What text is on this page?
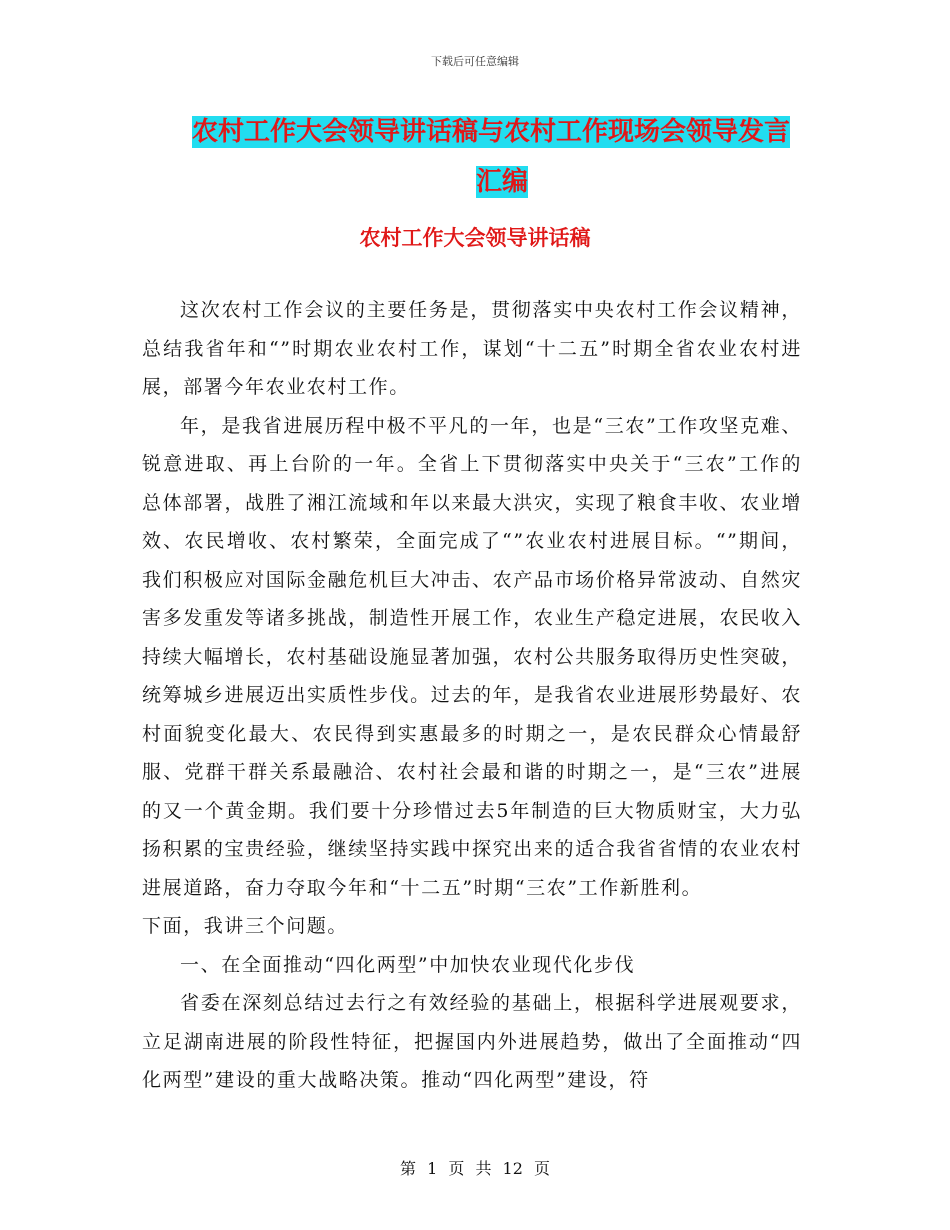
下载后可任意编辑
农村工作大会领导讲话稿与农村工作现场会领导发言
汇编
农村工作大会领导讲话稿

这次农村工作会议的主要任务是，贯彻落实中央农村工作会议精神，总结我省年和“”时期农业农村工作，谋划“十二五”时期全省农业农村进展，部署今年农业农村工作。

年，是我省进展历程中极不平凡的一年，也是“三农”工作攻坚克难、锐意进取、再上台阶的一年。全省上下贯彻落实中央关于“三农”工作的总体部署，战胜了湘江流域和年以来最大洪灾，实现了粮食丰收、农业增效、农民增收、农村繁荣，全面完成了“”农业农村进展目标。“”期间，我们积极应对国际金融危机巨大冲击、农产品市场价格异常波动、自然灾害多发重发等诸多挑战，制造性开展工作，农业生产稳定进展，农民收入持续大幅增长，农村基础设施显著加强，农村公共服务取得历史性突破，统筹城乡进展迈出实质性步伐。过去的年，是我省农业进展形势最好、农村面貌变化最大、农民得到实惠最多的时期之一，是农民群众心情最舒服、党群干群关系最融洽、农村社会最和谐的时期之一，是“三农”进展的又一个黄金期。我们要十分珍惜过去5年制造的巨大物质财宝，大力弘扬积累的宝贵经验，继续坚持实践中探究出来的适合我省省情的农业农村进展道路，奋力夺取今年和“十二五”时期“三农”工作新胜利。

下面，我讲三个问题。

一、在全面推动“四化两型”中加快农业现代化步伐

省委在深刻总结过去行之有效经验的基础上，根据科学进展观要求，立足湖南进展的阶段性特征，把握国内外进展趋势，做出了全面推动“四化两型”建设的重大战略决策。推动“四化两型”建设，符

第 1 页 共 12 页
